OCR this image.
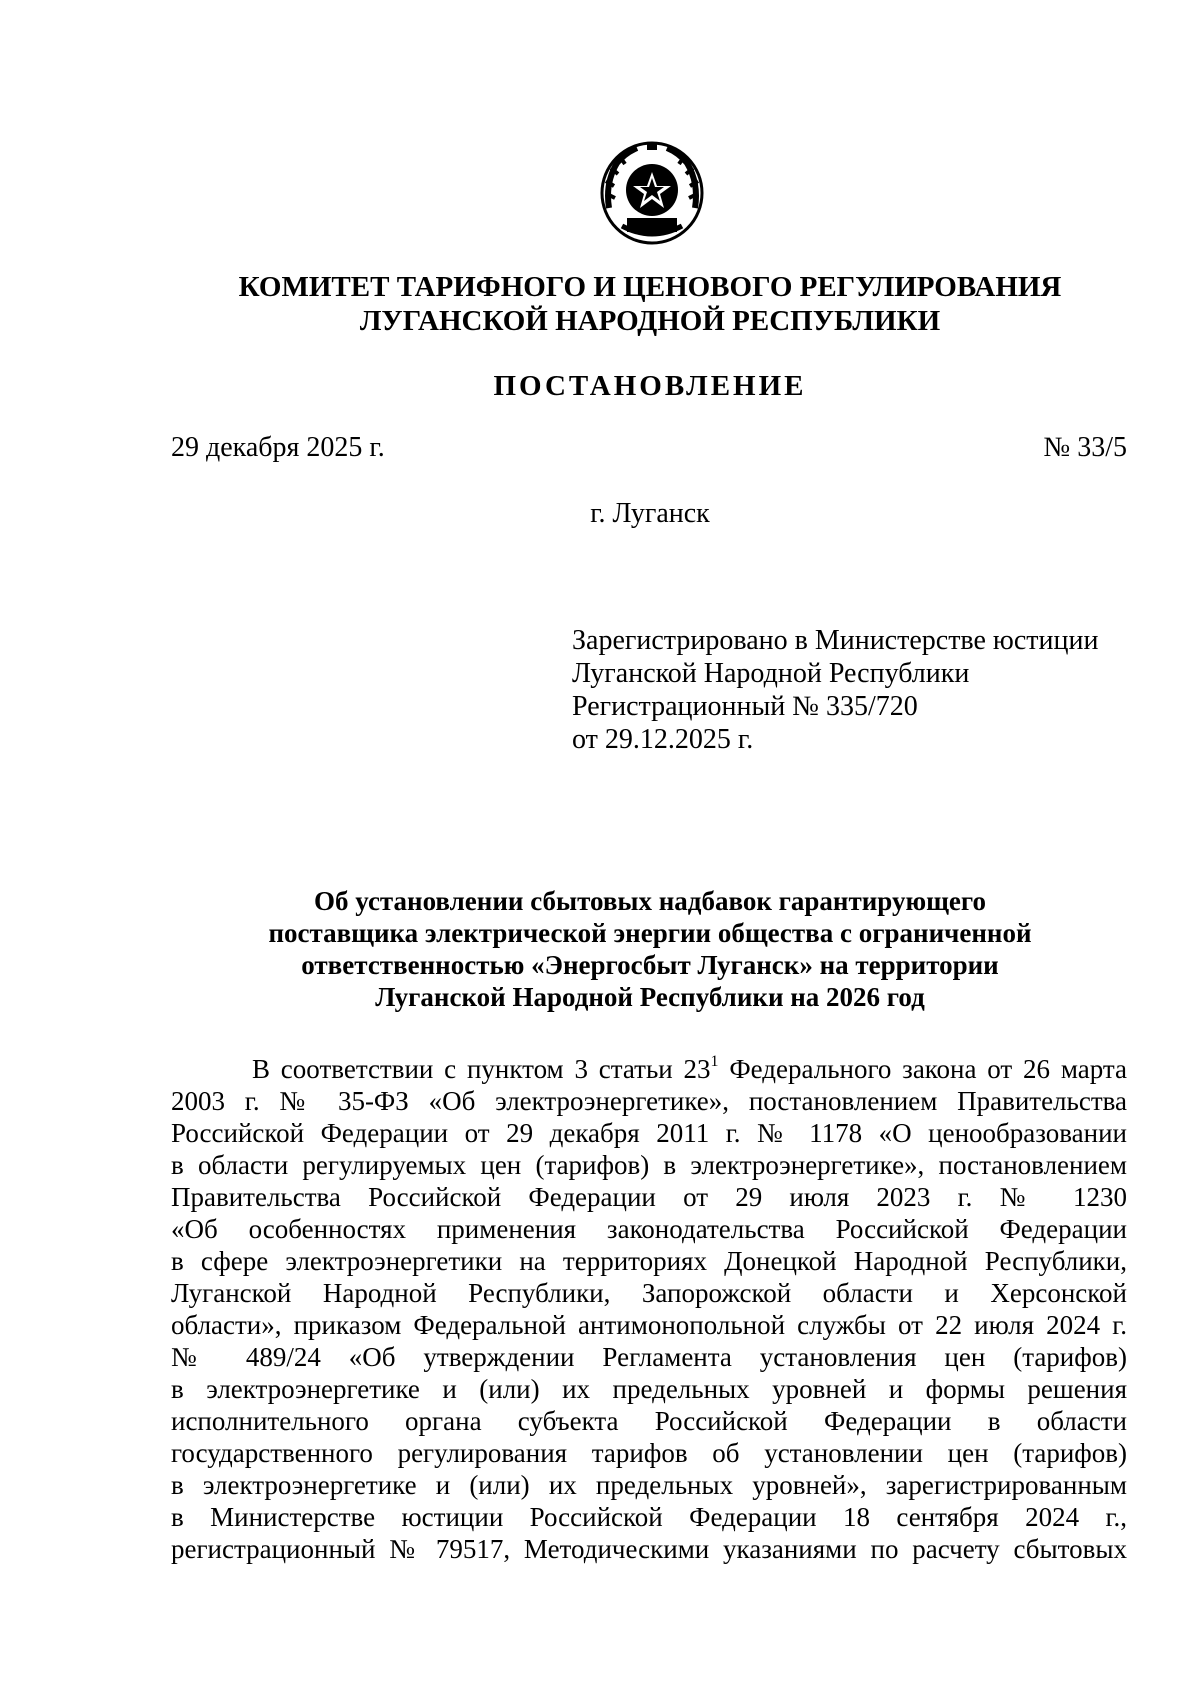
КОМИТЕТ ТАРИФНОГО И ЦЕНОВОГО РЕГУЛИРОВАНИЯ
ЛУГАНСКОЙ НАРОДНОЙ РЕСПУБЛИКИ
ПОСТАНОВЛЕНИЕ
29 декабря 2025 г.	№ 33/5
г. Луганск
Зарегистрировано в Министерстве юстиции
Луганской Народной Республики
Регистрационный № 335/720
от 29.12.2025 г.
Об установлении сбытовых надбавок гарантирующего
поставщика электрической энергии общества с ограниченной
ответственностью «Энергосбыт Луганск» на территории
Луганской Народной Республики на 2026 год
В соответствии с пунктом 3 статьи $23^1$ Федерального закона от 26 марта
2003 г. № 35-ФЗ «Об электроэнергетике», постановлением Правительства
Российской Федерации от 29 декабря 2011 г. № 1178 «О ценообразовании
в области регулируемых цен (тарифов) в электроэнергетике», постановлением
Правительства Российской Федерации от 29 июля 2023 г. № 1230
«Об особенностях применения законодательства Российской Федерации
в сфере электроэнергетики на территориях Донецкой Народной Республики,
Луганской Народной Республики, Запорожской области и Херсонской
области», приказом Федеральной антимонопольной службы от 22 июля 2024 г.
№ 489/24 «Об утверждении Регламента установления цен (тарифов)
в электроэнергетике и (или) их предельных уровней и формы решения
исполнительного органа субъекта Российской Федерации в области
государственного регулирования тарифов об установлении цен (тарифов)
в электроэнергетике и (или) их предельных уровней», зарегистрированным
в Министерстве юстиции Российской Федерации 18 сентября 2024 г.,
регистрационный № 79517, Методическими указаниями по расчету сбытовых
